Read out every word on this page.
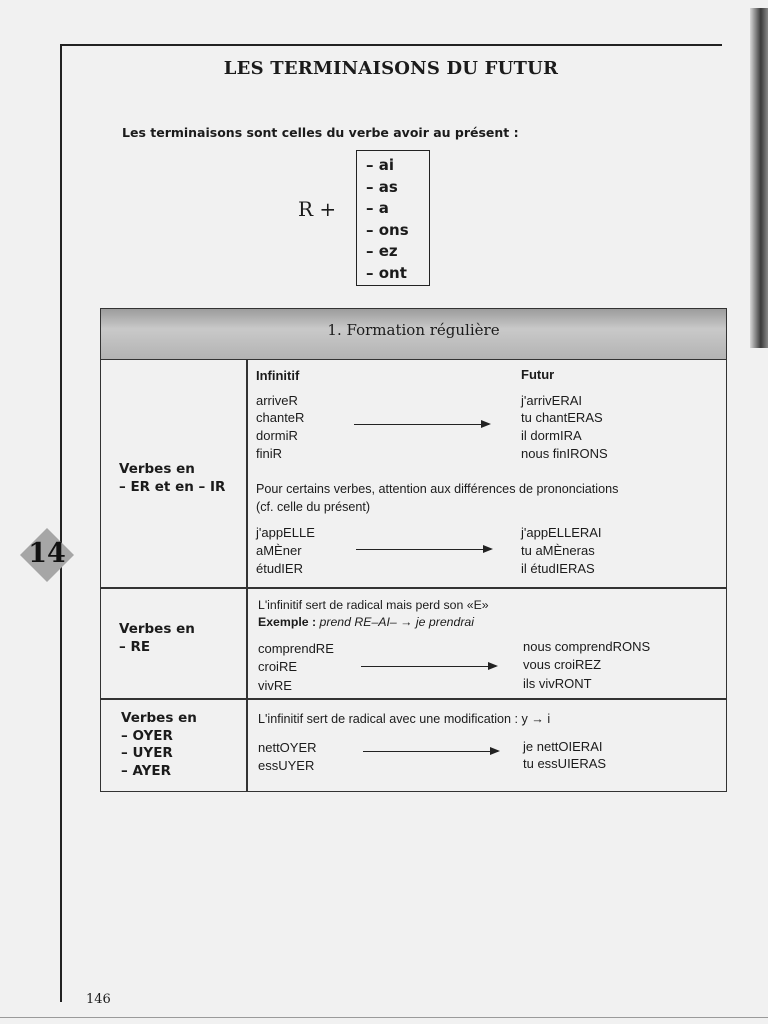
LES TERMINAISONS DU FUTUR
Les terminaisons sont celles du verbe avoir au présent :
R +
– ai
– as
– a
– ons
– ez
– ont
14
1. Formation régulière
Verbes en
– ER et en – IR
Infinitif	Futur
arriveR
chanteR
dormiR
finiR
j'arrivERAI
tu chantERAS
il dormIRA
nous finIRONS
Pour certains verbes, attention aux différences de prononciations
(cf. celle du présent)
j'appELLE
aMÈner
étudIER
j'appELLERAI
tu aMÈneras
il étudIERAS
Verbes en
– RE
L'infinitif sert de radical mais perd son «E»
Exemple : prend RE–AI– → je prendrai
comprendRE
croiRE
vivRE
nous comprendRONS
vous croiREZ
ils vivRONT
Verbes en
– OYER
– UYER
– AYER
L'infinitif sert de radical avec une modification : y → i
nettOYER
essUYER
je nettOIERAI
tu essUIERAS
146
